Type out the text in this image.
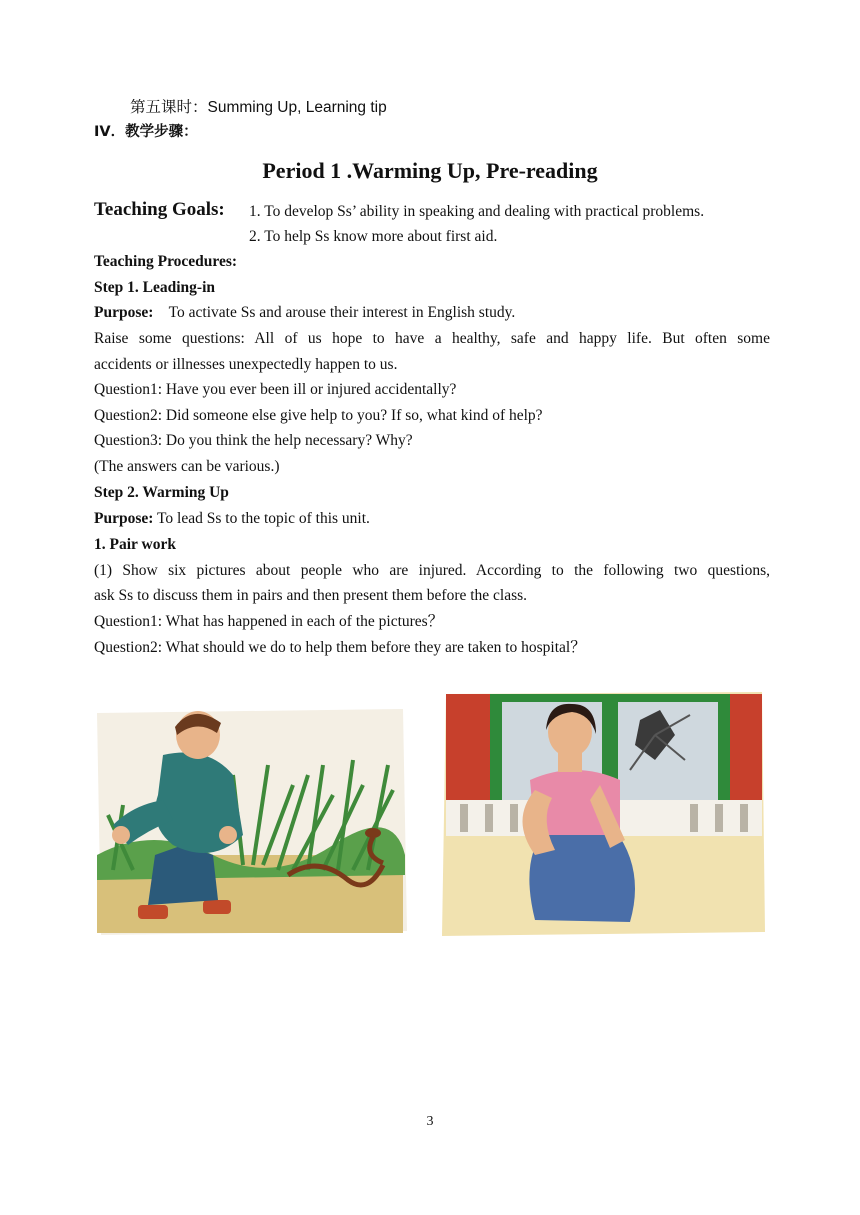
第五课时：Summing Up, Learning tip
IV．教学步骤：
Period 1 .Warming Up, Pre-reading
Teaching Goals: 1. To develop Ss’ ability in speaking and dealing with practical problems.
2. To help Ss know more about first aid.
Teaching Procedures:
Step 1. Leading-in
Purpose: To activate Ss and arouse their interest in English study.
Raise some questions: All of us hope to have a healthy, safe and happy life. But often some
accidents or illnesses unexpectedly happen to us.
Question1: Have you ever been ill or injured accidentally?
Question2: Did someone else give help to you? If so, what kind of help?
Question3: Do you think the help necessary? Why?
(The answers can be various.)
Step 2. Warming Up
Purpose: To lead Ss to the topic of this unit.
1. Pair work
(1) Show six pictures about people who are injured. According to the following two questions,
ask Ss to discuss them in pairs and then present them before the class.
Question1: What has happened in each of the pictures？
Question2: What should we do to help them before they are taken to hospital？
3
